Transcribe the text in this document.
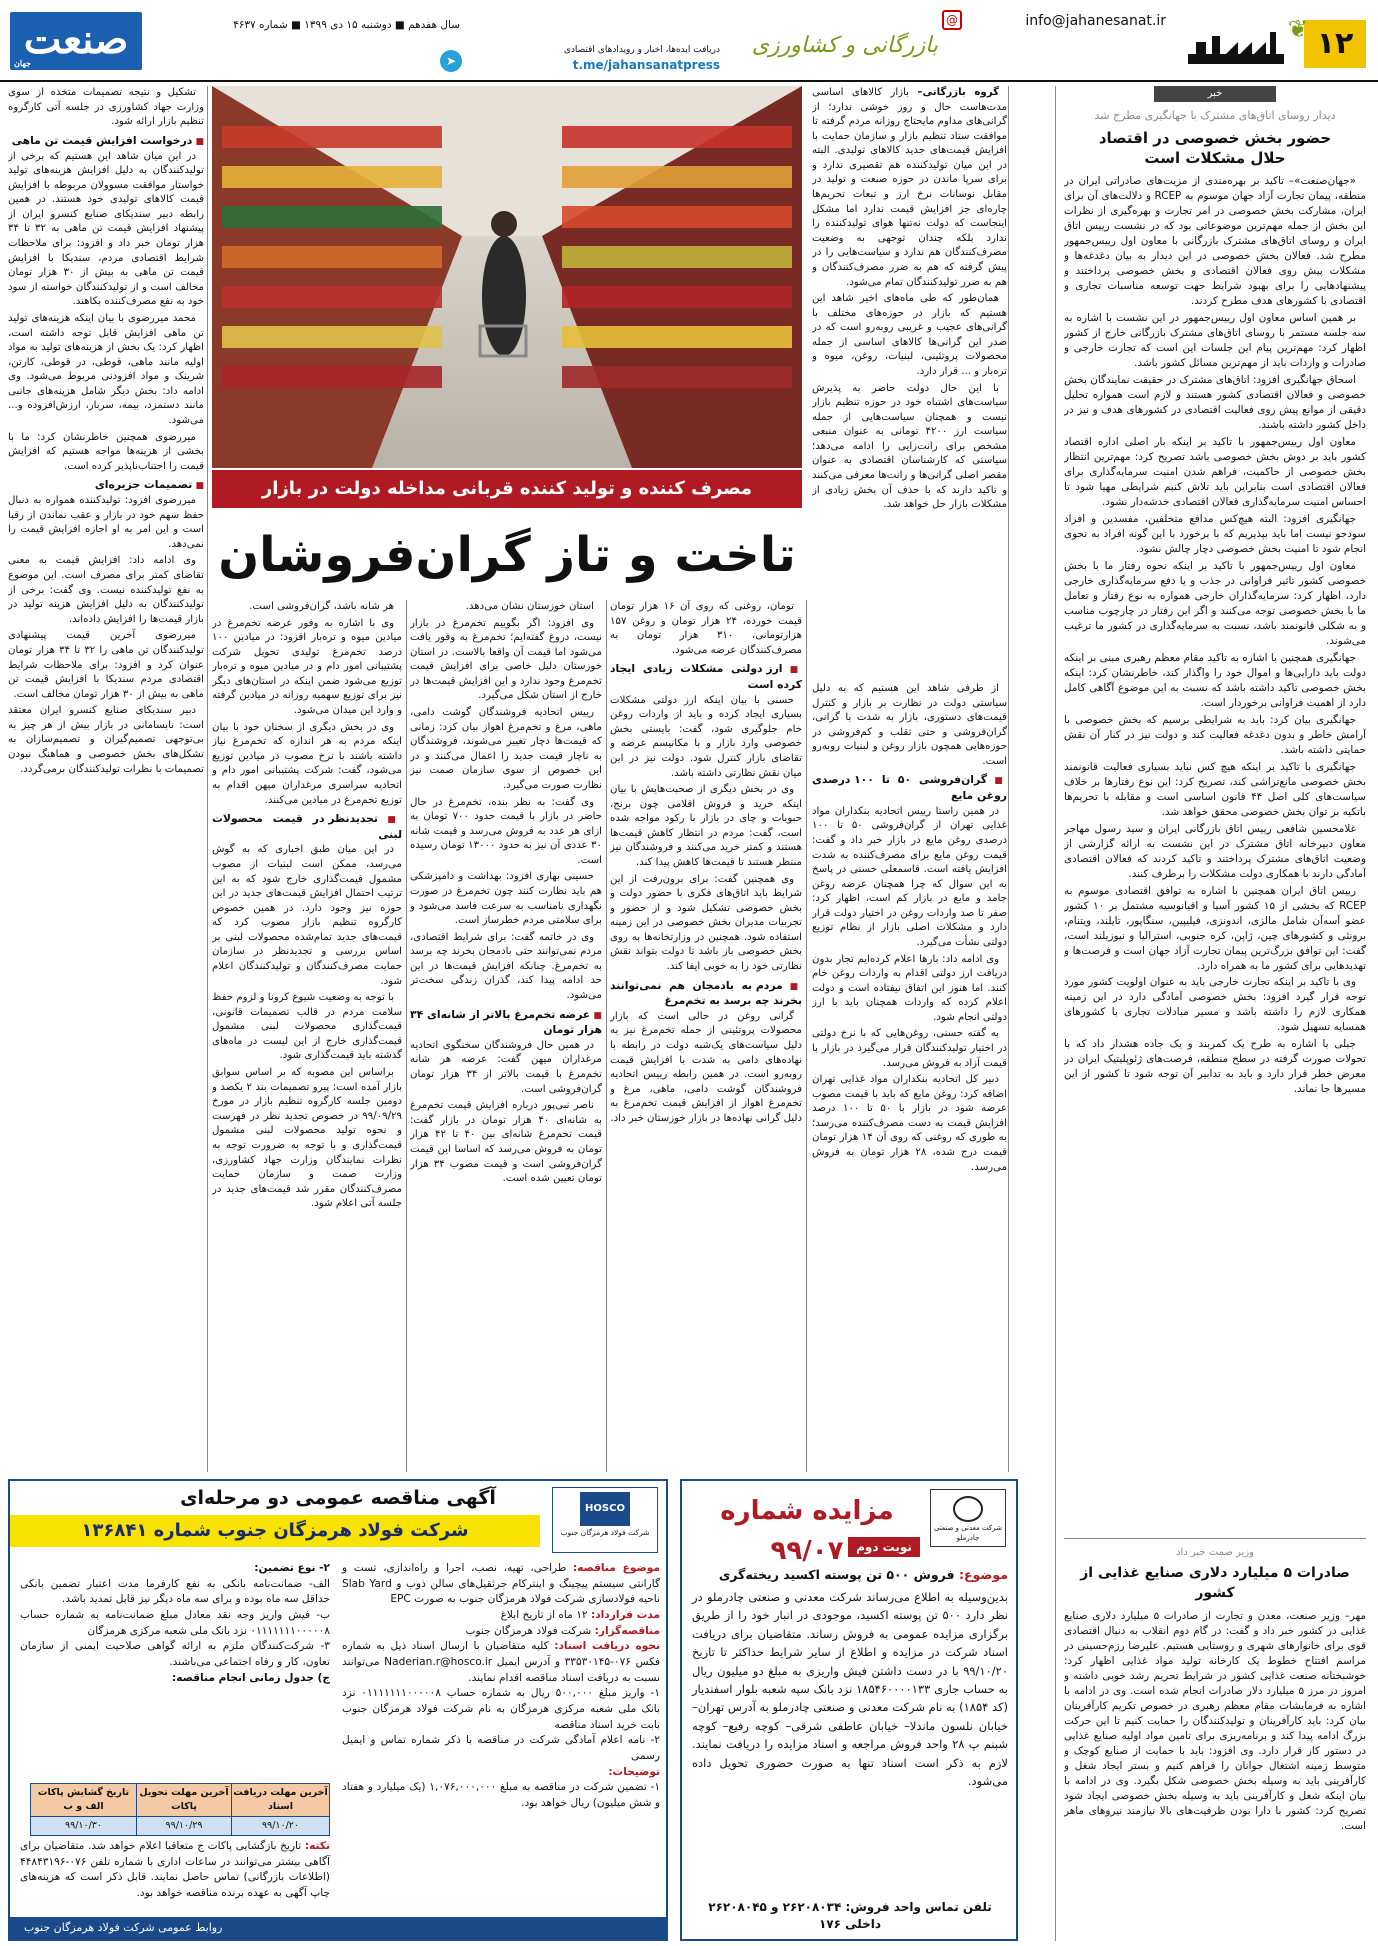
❦ ۱۲
info@jahanesanat.ir
@
بازرگانی و کشاورزی
➤
دریافت ایده‌ها، اخبار و رویدادهای اقتصادی
t.me/jahansanatpress
سال هفدهم ■ دوشنبه ۱۵ دی ۱۳۹۹ ■ شماره ۴۶۳۷
صنعت
جهان
خبر
دیدار روسای اتاق‌های مشترک با جهانگیری مطرح شد
حضور بخش خصوصی در اقتصاد
حلال مشکلات است

«جهان‌صنعت»– تاکید بر بهره‌مندی از مزیت‌های صادراتی ایران در منطقه، پیمان تجارت آزاد جهان موسوم به RCEP و دلالت‌های آن برای ایران، مشارکت بخش خصوصی در امر تجارت و بهره‌گیری از نظرات این بخش از جمله مهم‌ترین موضوعاتی بود که در نشست رییس اتاق ایران و روسای اتاق‌های مشترک بازرگانی با معاون اول رییس‌جمهور مطرح شد. فعالان بخش خصوصی در این دیدار به بیان دغدغه‌ها و مشکلات پیش روی فعالان اقتصادی و بخش خصوصی پرداختند و پیشنهادهایی را برای بهبود شرایط جهت توسعه مناسبات تجاری و اقتصادی با کشورهای هدف مطرح کردند.

بر همین اساس معاون اول رییس‌جمهور در این نشست با اشاره به سه جلسه مستمر با روسای اتاق‌های مشترک بازرگانی خارج از کشور اظهار کرد: مهم‌ترین پیام این جلسات این است که تجارت خارجی و صادرات و واردات باید از مهم‌ترین مسائل کشور باشد.

اسحاق جهانگیری افزود: اتاق‌های مشترک در حقیقت نمایندگان بخش خصوصی و فعالان اقتصادی کشور هستند و لازم است همواره تحلیل دقیقی از موانع پیش روی فعالیت اقتصادی در کشورهای هدف و نیز در داخل کشور داشته باشند.

معاون اول رییس‌جمهور با تاکید بر اینکه بار اصلی اداره اقتصاد کشور باید بر دوش بخش خصوصی باشد تصریح کرد: مهم‌ترین انتظار بخش خصوصی از حاکمیت، فراهم شدن امنیت سرمایه‌گذاری برای فعالان اقتصادی است بنابراین باید تلاش کنیم شرایطی مهیا شود تا احساس امنیت سرمایه‌گذاری فعالان اقتصادی خدشه‌دار نشود.

جهانگیری افزود: البته هیچ‌کس مدافع متخلفین، مفسدین و افراد سودجو نیست اما باید بپذیریم که با برخورد با این گونه افراد به نحوی انجام شود تا امنیت بخش خصوصی دچار چالش نشود.

معاون اول رییس‌جمهور با تاکید بر اینکه نحوه رفتار ما با بخش خصوصی کشور تاثیر فراوانی در جذب و یا دفع سرمایه‌گذاری خارجی دارد، اظهار کرد: سرمایه‌گذاران خارجی همواره به نوع رفتار و تعامل ما با بخش خصوصی توجه می‌کنند و اگر این رفتار در چارچوب مناسب و به شکلی قانونمند باشد، نسبت به سرمایه‌گذاری در کشور ما ترغیب می‌شوند.

جهانگیری همچنین با اشاره به تاکید مقام معظم رهبری مبنی بر اینکه دولت باید دارایی‌ها و اموال خود را واگذار کند، خاطرنشان کرد: اینکه بخش خصوصی تاکید داشته باشد که نسبت به این موضوع آگاهی کامل دارد از اهمیت فراوانی برخوردار است.

جهانگیری بیان کرد: باید به شرایطی برسیم که بخش خصوصی با آرامش خاطر و بدون دغدغه فعالیت کند و دولت نیز در کنار آن نقش حمایتی داشته باشد.

جهانگیری با تاکید بر اینکه هیچ کس نباید بسیاری فعالیت قانونمند بخش خصوصی مانع‌تراشی کند، تصریح کرد: این نوع رفتارها بر خلاف سیاست‌های کلی اصل ۴۴ قانون اساسی است و مقابله با تحریم‌ها باتکیه بر توان بخش خصوصی محقق خواهد شد.

غلامحسین شافعی رییس اتاق بازرگانی ایران و سید رسول مهاجر معاون دبیرخانه اتاق مشترک در این نشست به ارائه گزارشی از وضعیت اتاق‌های مشترک پرداختند و تاکید کردند که فعالان اقتصادی آمادگی دارند با همکاری دولت مشکلات را برطرف کنند.

رییس اتاق ایران همچنین با اشاره به توافق اقتصادی موسوم به RCEP که بخشی از ۱۵ کشور آسیا و اقیانوسیه مشتمل بر ۱۰ کشور عضو آسه‌آن شامل مالزی، اندونزی، فیلیپین، سنگاپور، تایلند، ویتنام، برونئی و کشورهای چین، ژاپن، کره جنوبی، استرالیا و نیوزیلند است، گفت: این توافق بزرگ‌ترین پیمان تجارت آزاد جهان است و فرصت‌ها و تهدیدهایی برای کشور ما به همراه دارد.

وی با تاکید بر اینکه تجارت خارجی باید به عنوان اولویت کشور مورد توجه قرار گیرد افزود: بخش خصوصی آمادگی دارد در این زمینه همکاری لازم را داشته باشد و مسیر مبادلات تجاری با کشورهای همسایه تسهیل شود.

جبلی با اشاره به طرح یک کمربند و یک جاده هشدار داد که با تحولات صورت گرفته در سطح منطقه، فرصت‌های ژئوپلیتیک ایران در معرض خطر قرار دارد و باید به تدابیر آن توجه شود تا کشور از این مسیرها جا نماند.

وزیر صمت خبر داد
صادرات ۵ میلیارد دلاری صنایع غذایی از کشور
مهر– وزیر صنعت، معدن و تجارت از صادرات ۵ میلیارد دلاری صنایع غذایی در کشور خبر داد و گفت: در گام دوم انقلاب به دنبال اقتصادی قوی برای خانوارهای شهری و روستایی هستیم. علیرضا رزم‌حسینی در مراسم افتتاح خطوط یک کارخانه تولید مواد غذایی اظهار کرد: خوشبختانه صنعت غذایی کشور در شرایط تحریم رشد خوبی داشته و امروز در مرز ۵ میلیارد دلار صادرات انجام شده است. وی در ادامه با اشاره به فرمایشات مقام معظم رهبری در خصوص تکریم کارآفرینان بیان کرد: باید کارآفرینان و تولیدکنندگان را حمایت کنیم تا این حرکت بزرگ ادامه پیدا کند و برنامه‌ریزی برای تامین مواد اولیه صنایع غذایی در دستور کار قرار دارد. وی افزود: باید با حمایت از صنایع کوچک و متوسط زمینه اشتغال جوانان را فراهم کنیم و بستر ایجاد شغل و کارآفرینی باید به وسیله بخش خصوصی شکل بگیرد. وی در ادامه با بیان اینکه شغل و کارآفرینی باید به وسیله بخش خصوصی ایجاد شود تصریح کرد: کشور با دارا بودن ظرفیت‌های بالا نیازمند نیروهای ماهر است.
مصرف کننده و تولید کننده قربانی مداخله دولت در بازار
تاخت و تاز گران‌فروشان

گروه بازرگانی– بازار کالاهای اساسی مدت‌هاست حال و روز خوشی ندارد؛ از گرانی‌های مداوم مایحتاج روزانه مردم گرفته تا موافقت ستاد تنظیم بازار و سازمان حمایت با افزایش قیمت‌های جدید کالاهای تولیدی. البته در این میان تولیدکننده هم تقصیری ندارد و برای سرپا ماندن در حوزه صنعت و تولید در مقابل نوسانات نرخ ارز و تبعات تحریم‌ها چاره‌ای جز افزایش قیمت ندارد اما مشکل اینجاست که دولت نه‌تنها هوای تولیدکننده را ندارد بلکه چندان توجهی به وضعیت مصرف‌کنندگان هم ندارد و سیاست‌هایی را در پیش گرفته که هم به ضرر مصرف‌کنندگان و هم به ضرر تولیدکنندگان تمام می‌شود.

همان‌طور که طی ماه‌های اخیر شاهد این هستیم که بازار در حوزه‌های مختلف با گرانی‌های عجیب و غریبی روبه‌رو است که در صدر این گرانی‌ها کالاهای اساسی از جمله محصولات پروتئینی، لبنیات، روغن، میوه و تره‌بار و ... قرار دارد.

با این حال دولت حاضر به پذیرش سیاست‌های اشتباه خود در حوزه تنظیم بازار نیست و همچنان سیاست‌هایی از جمله سیاست ارز ۴۲۰۰ تومانی به عنوان منبعی مشخص برای رانت‌زایی را ادامه می‌دهد؛ سیاستی که کارشناسان اقتصادی به عنوان مقصر اصلی گرانی‌ها و رانت‌ها معرفی می‌کنند و تاکید دارند که با حذف آن بخش زیادی از مشکلات بازار حل خواهد شد.

از طرفی شاهد این هستیم که به دلیل سیاستی دولت در نظارت بر بازار و کنترل قیمت‌های دستوری، بازار به شدت با گرانی، گران‌فروشی و حتی تقلب و کم‌فروشی در حوزه‌هایی همچون بازار روغن و لبنیات روبه‌رو است.

■ گران‌فروشی ۵۰ تا ۱۰۰ درصدی روغن مایع

در همین راستا رییس اتحادیه بنکداران مواد غذایی تهران از گران‌فروشی ۵۰ تا ۱۰۰ درصدی روغن مایع در بازار خبر داد و گفت: قیمت روغن مایع برای مصرف‌کننده به شدت افزایش یافته است. قاسمعلی حسنی در پاسخ به این سوال که چرا همچنان عرضه روغن جامد و مایع در بازار کم است، اظهار کرد: صفر تا صد واردات روغن در اختیار دولت قرار دارد و مشکلات اصلی بازار از نظام توزیع دولتی نشأت می‌گیرد.

وی ادامه داد: بارها اعلام کرده‌ایم تجار بدون دریافت ارز دولتی اقدام به واردات روغن خام کنند. اما هنوز این اتفاق نیفتاده است و دولت اعلام کرده که واردات همچنان باید با ارز دولتی انجام شود.

به گفته حسنی، روغن‌هایی که با نرخ دولتی در اختیار تولیدکنندگان قرار می‌گیرد در بازار با قیمت آزاد به فروش می‌رسد.

دبیر کل اتحادیه بنکداران مواد غذایی تهران اضافه کرد: روغن مایع که باید با قیمت مصوب عرضه شود در بازار با ۵۰ تا ۱۰۰ درصد افزایش قیمت به دست مصرف‌کننده می‌رسد؛ به طوری که روغنی که روی آن ۱۴ هزار تومان قیمت درج شده، ۲۸ هزار تومان به فروش می‌رسد.

تومان، روغنی که روی آن ۱۶ هزار تومان قیمت خورده، ۲۴ هزار تومان و روغن ۱۵۷ هزارتومانی، ۳۱۰ هزار تومان به مصرف‌کنندگان عرضه می‌شود.

■ ارز دولتی مشکلات زیادی ایجاد کرده است

حسنی با بیان اینکه ارز دولتی مشکلات بسیاری ایجاد کرده و باید از واردات روغن خام جلوگیری شود، گفت: بایستی بخش خصوصی وارد بازار و با مکانیسم عرضه و تقاضای بازار کنترل شود. دولت نیز در این میان نقش نظارتی داشته باشد.

وی در بخش دیگری از صحبت‌هایش با بیان اینکه خرید و فروش اقلامی چون برنج، حبوبات و چای در بازار با رکود مواجه شده است، گفت: مردم در انتظار کاهش قیمت‌ها هستند و کمتر خرید می‌کنند و فروشندگان نیز منتظر هستند تا قیمت‌ها کاهش پیدا کند.

وی همچنین گفت: برای برون‌رفت از این شرایط باید اتاق‌های فکری با حضور دولت و بخش خصوصی تشکیل شود و از حضور و تجربیات مدیران بخش خصوصی در این زمینه استفاده شود. همچنین در وزارتخانه‌ها به روی بخش خصوصی باز باشد تا دولت بتواند نقش نظارتی خود را به خوبی ایفا کند.

■ مردم به بادمجان هم نمی‌توانند بخرند چه برسد به تخم‌مرغ

گرانی روغن در حالی است که بازار محصولات پروتئینی از جمله تخم‌مرغ نیز به دلیل سیاست‌های یک‌شبه دولت در رابطه با نهاده‌های دامی به شدت با افزایش قیمت روبه‌رو است. در همین رابطه رییس اتحادیه فروشندگان گوشت دامی، ماهی، مرغ و تخم‌مرغ اهواز از افزایش قیمت تخم‌مرغ به دلیل گرانی نهاده‌ها در بازار خوزستان خبر داد.

استان خوزستان نشان می‌دهد.

وی افزود: اگر بگوییم تخم‌مرغ در بازار نیست، دروغ گفته‌ایم؛ تخم‌مرغ به وفور یافت می‌شود اما قیمت آن واقعا بالاست. در استان خوزستان دلیل خاصی برای افزایش قیمت تخم‌مرغ وجود ندارد و این افزایش قیمت‌ها در خارج از استان شکل می‌گیرد.

رییس اتحادیه فروشندگان گوشت دامی، ماهی، مرغ و تخم‌مرغ اهواز بیان کرد: زمانی که قیمت‌ها دچار تغییر می‌شوند، فروشندگان به ناچار قیمت جدید را اعمال می‌کنند و در این خصوص از سوی سازمان صمت نیز نظارت صورت می‌گیرد.

وی گفت: به نظر بنده، تخم‌مرغ در حال حاضر در بازار با قیمت حدود ۷۰۰ تومان به ازای هر عدد به فروش می‌رسد و قیمت شانه ۳۰ عددی آن نیز به حدود ۱۳۰۰۰ تومان رسیده است.

حسینی بهاری افزود: بهداشت و دامپزشکی هم باید نظارت کنند چون تخم‌مرغ در صورت نگهداری نامناسب به سرعت فاسد می‌شود و برای سلامتی مردم خطرساز است.

وی در خاتمه گفت: برای شرایط اقتصادی، مردم نمی‌توانند حتی بادمجان بخرند چه برسد به تخم‌مرغ. چنانکه افزایش قیمت‌ها در این حد ادامه پیدا کند، گذران زندگی سخت‌تر می‌شود.

■ عرضه تخم‌مرغ بالاتر از شانه‌ای ۳۴ هزار تومان

در همین حال فروشندگان سخنگوی اتحادیه مرغداران میهن گفت: عرضه هر شانه تخم‌مرغ با قیمت بالاتر از ۳۴ هزار تومان گران‌فروشی است.

ناصر نبی‌پور درباره افزایش قیمت تخم‌مرغ به شانه‌ای ۴۰ هزار تومان در بازار گفت: قیمت تخم‌مرغ شانه‌ای بین ۴۰ تا ۴۲ هزار تومان به فروش می‌رسد که اساسا این قیمت گران‌فروشی است و قیمت مصوب ۳۴ هزار تومان تعیین شده است.

هر شانه باشد، گران‌فروشی است.

وی با اشاره به وفور عرضه تخم‌مرغ در میادین میوه و تره‌بار افزود: در میادین ۱۰۰ درصد تخم‌مرغ تولیدی تحویل شرکت پشتیبانی امور دام و در میادین میوه و تره‌بار توزیع می‌شود ضمن اینکه در استان‌های دیگر نیز برای توزیع سهمیه روزانه در میادین گرفته و وارد این میدان می‌شود.

وی در بخش دیگری از سخنان خود با بیان اینکه مردم به هر اندازه که تخم‌مرغ نیاز داشته باشند با نرخ مصوب در میادین توزیع می‌شود، گفت: شرکت پشتیبانی امور دام و اتحادیه سراسری مرغداران میهن اقدام به توزیع تخم‌مرغ در میادین می‌کنند.

■ تجدیدنظر در قیمت محصولات لبنی

در این میان طبق اخباری که به گوش می‌رسد، ممکن است لبنیات از مصوب مشمول قیمت‌گذاری خارج شود که به این ترتیب احتمال افزایش قیمت‌های جدید در این حوزه نیز وجود دارد. در همین خصوص کارگروه تنظیم بازار مصوب کرد که قیمت‌های جدید تمام‌شده محصولات لبنی بر اساس بررسی و تجدیدنظر در سازمان حمایت مصرف‌کنندگان و تولیدکنندگان اعلام شود.

با توجه به وضعیت شیوع کرونا و لزوم حفظ سلامت مردم در قالب تصمیمات قانونی، قیمت‌گذاری محصولات لبنی مشمول قیمت‌گذاری خارج از این لیست در ماه‌های گذشته باید قیمت‌گذاری شود.

براساس این مصوبه که بر اساس سوابق بازار آمده است: پیرو تصمیمات بند ۲ یکصد و دومین جلسه کارگروه تنظیم بازار در مورخ ۹۹/۰۹/۲۹ در خصوص تجدید نظر در فهرست و نحوه تولید محصولات لبنی مشمول قیمت‌گذاری و با توجه به ضرورت توجه به نظرات نمایندگان وزارت جهاد کشاورزی، وزارت صمت و سازمان حمایت مصرف‌کنندگان مقرر شد قیمت‌های جدید در جلسه آتی اعلام شود.

تشکیل و نتیجه تصمیمات متخذه از سوی وزارت جهاد کشاورزی در جلسه آتی کارگروه تنظیم بازار ارائه شود.

■ درخواست افزایش قیمت تن ماهی

در این میان شاهد این هستیم که برخی از تولیدکنندگان به دلیل افزایش هزینه‌های تولید خواستار موافقت مسوولان مربوطه با افزایش قیمت کالاهای تولیدی خود هستند. در همین رابطه دبیر سندیکای صنایع کنسرو ایران از پیشنهاد افزایش قیمت تن ماهی به ۳۲ تا ۳۴ هزار تومان خبر داد و افزود: برای ملاحظات شرایط اقتصادی مردم، سندیکا با افزایش قیمت تن ماهی به بیش از ۳۰ هزار تومان مخالف است و از تولیدکنندگان خواسته از سود خود به نفع مصرف‌کننده بکاهند.

محمد میررضوی با بیان اینکه هزینه‌های تولید تن ماهی افزایش قابل توجه داشته است، اظهار کرد: یک بخش از هزینه‌های تولید به مواد اولیه مانند ماهی، قوطی، در قوطی، کارتن، شرینک و مواد افزودنی مربوط می‌شود. وی ادامه داد: بخش دیگر شامل هزینه‌های جانبی مانند دستمزد، بیمه، سربار، ارزش‌افزوده و... می‌شود.

میررضوی همچنین خاطرنشان کرد: ما با بخشی از هزینه‌ها مواجه هستیم که افزایش قیمت را اجتناب‌ناپذیر کرده است.

■ تصمیمات جزیره‌ای

میررضوی افزود: تولیدکننده همواره به دنبال حفظ سهم خود در بازار و عقب نماندن از رقبا است و این امر به او اجازه افزایش قیمت را نمی‌دهد.

وی ادامه داد: افزایش قیمت به معنی تقاضای کمتر برای مصرف است. این موضوع به نفع تولیدکننده نیست. وی گفت: برخی از تولیدکنندگان به دلیل افزایش هزینه تولید در بازار قیمت‌ها را افزایش داده‌اند.

میررضوی آخرین قیمت پیشنهادی تولیدکنندگان تن ماهی را ۳۲ تا ۳۴ هزار تومان عنوان کرد و افزود: برای ملاحظات شرایط اقتصادی مردم سندیکا با افزایش قیمت تن ماهی به بیش از ۳۰ هزار تومان مخالف است.

دبیر سندیکای صنایع کنسرو ایران معتقد است: نابسامانی در بازار بیش از هر چیز به بی‌توجهی تصمیم‌گیران و تصمیم‌سازان به تشکل‌های بخش خصوصی و هماهنگ نبودن تصمیمات با نظرات تولیدکنندگان برمی‌گردد.

آگهی مناقصه عمومی دو مرحله‌ای
شرکت فولاد هرمزگان جنوب شماره ۱۳۶۸۴۱
HOSCO
شرکت فولاد هرمزگان جنوب
موضوع مناقصه: طراحی، تهیه، نصب، اجرا و راه‌اندازی، تست و گارانتی سیستم پیچینگ و اینترکام جرثقیل‌های سالن ذوب و Slab Yard ناحیه فولادسازی شرکت فولاد هرمزگان جنوب به صورت EPC
مدت قرارداد: ۱۲ ماه از تاریخ ابلاغ
مناقصه‌گزار: شرکت فولاد هرمزگان جنوب
نحوه دریافت اسناد: کلیه متقاضیان با ارسال اسناد ذیل به شماره فکس ۰۷۶-۳۳۵۳۰۱۴۵ و آدرس ایمیل Naderian.r@hosco.ir می‌توانند نسبت به دریافت اسناد مناقصه اقدام نمایند.
۱- واریز مبلغ ۵۰۰,۰۰۰ ریال به شماره حساب ۰۱۱۱۱۱۱۱۰۰۰۰۰۸ نزد بانک ملی شعبه مرکزی هرمزگان به نام شرکت فولاد هرمزگان جنوب بابت خرید اسناد مناقصه
۲- نامه اعلام آمادگی شرکت در مناقصه با ذکر شماره تماس و ایمیل رسمی
توضیحات:
۱- تضمین شرکت در مناقصه به مبلغ ۱,۰۷۶,۰۰۰,۰۰۰ (یک میلیارد و هفتاد و شش میلیون) ریال خواهد بود.
۲- نوع تضمین:
الف- ضمانت‌نامه بانکی به نفع کارفرما مدت اعتبار تضمین بانکی حداقل سه ماه بوده و برای سه ماه دیگر نیز قابل تمدید باشد.
ب- فیش واریز وجه نقد معادل مبلغ ضمانت‌نامه به شماره حساب ۰۱۱۱۱۱۱۱۰۰۰۰۰۸ نزد بانک ملی شعبه مرکزی هرمزگان
۳- شرکت‌کنندگان ملزم به ارائه گواهی صلاحیت ایمنی از سازمان تعاون، کار و رفاه اجتماعی می‌باشند.
ج) جدول زمانی انجام مناقصه:
آخرین مهلت دریافت اسناد	آخرین مهلت تحویل پاکات	تاریخ گشایش پاکات الف و ب
۹۹/۱۰/۲۰	۹۹/۱۰/۲۹	۹۹/۱۰/۳۰
نکته: تاریخ بازگشایی پاکات ج متعاقبا اعلام خواهد شد. متقاضیان برای آگاهی بیشتر می‌توانند در ساعات اداری با شماره تلفن ۰۷۶-۴۴۸۴۳۱۹۶ (اطلاعات بازرگانی) تماس حاصل نمایند. قابل ذکر است که هزینه‌های چاپ آگهی به عهده برنده مناقصه خواهد بود.
روابط عمومی شرکت فولاد هرمزگان جنوب
مزایده شماره ۹۹/۰۷
شرکت معدنی و صنعتی چادرملو
نوبت دوم
موضوع: فروش ۵۰۰ تن پوسته اکسید ریخته‌گری
بدین‌وسیله به اطلاع می‌رساند شرکت معدنی و صنعتی چادرملو در نظر دارد ۵۰۰ تن پوسته اکسید، موجودی در انبار خود را از طریق برگزاری مزایده عمومی به فروش رساند. متقاضیان برای دریافت اسناد شرکت در مزایده و اطلاع از سایر شرایط حداکثر تا تاریخ ۹۹/۱۰/۲۰ با در دست داشتن فیش واریزی به مبلغ دو میلیون ریال به حساب جاری ۱۸۵۴۶۰۰۰۰۱۳۳ نزد بانک سپه شعبه بلوار اسفندیار (کد ۱۸۵۴) به نام شرکت معدنی و صنعتی چادرملو به آدرس تهران– خیابان نلسون ماندلا– خیابان عاطفی شرقی– کوچه رفیع– کوچه شبنم پ ۲۸ واحد فروش مراجعه و اسناد مزایده را دریافت نمایند. لازم به ذکر است اسناد تنها به صورت حضوری تحویل داده می‌شود.
تلفن تماس واحد فروش: ۲۶۲۰۸۰۳۴ و ۲۶۲۰۸۰۴۵ داخلی ۱۷۶
